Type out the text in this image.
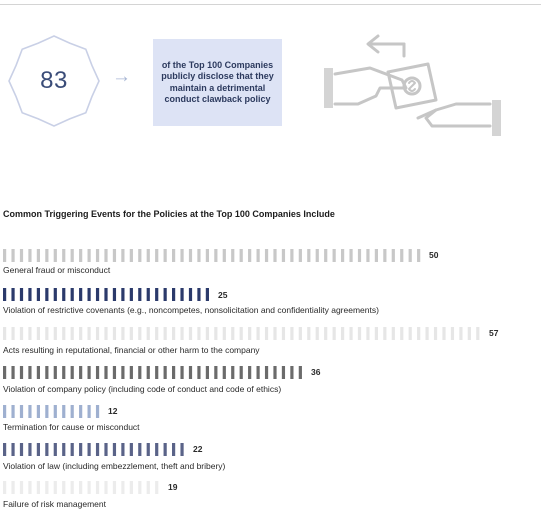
83	→
of the Top 100 Companies publicly disclose that they maintain a detrimental conduct clawback policy
Common Triggering Events for the Policies at the Top 100 Companies Include
General fraud or misconduct
Violation of restrictive covenants (e.g., noncompetes, nonsolicitation and confidentiality agreements)
Acts resulting in reputational, financial or other harm to the company
Violation of company policy (including code of conduct and code of ethics)
Termination for cause or misconduct
Violation of law (including embezzlement, theft and bribery)
Failure of risk management
50
25
57
36
12
22
19
